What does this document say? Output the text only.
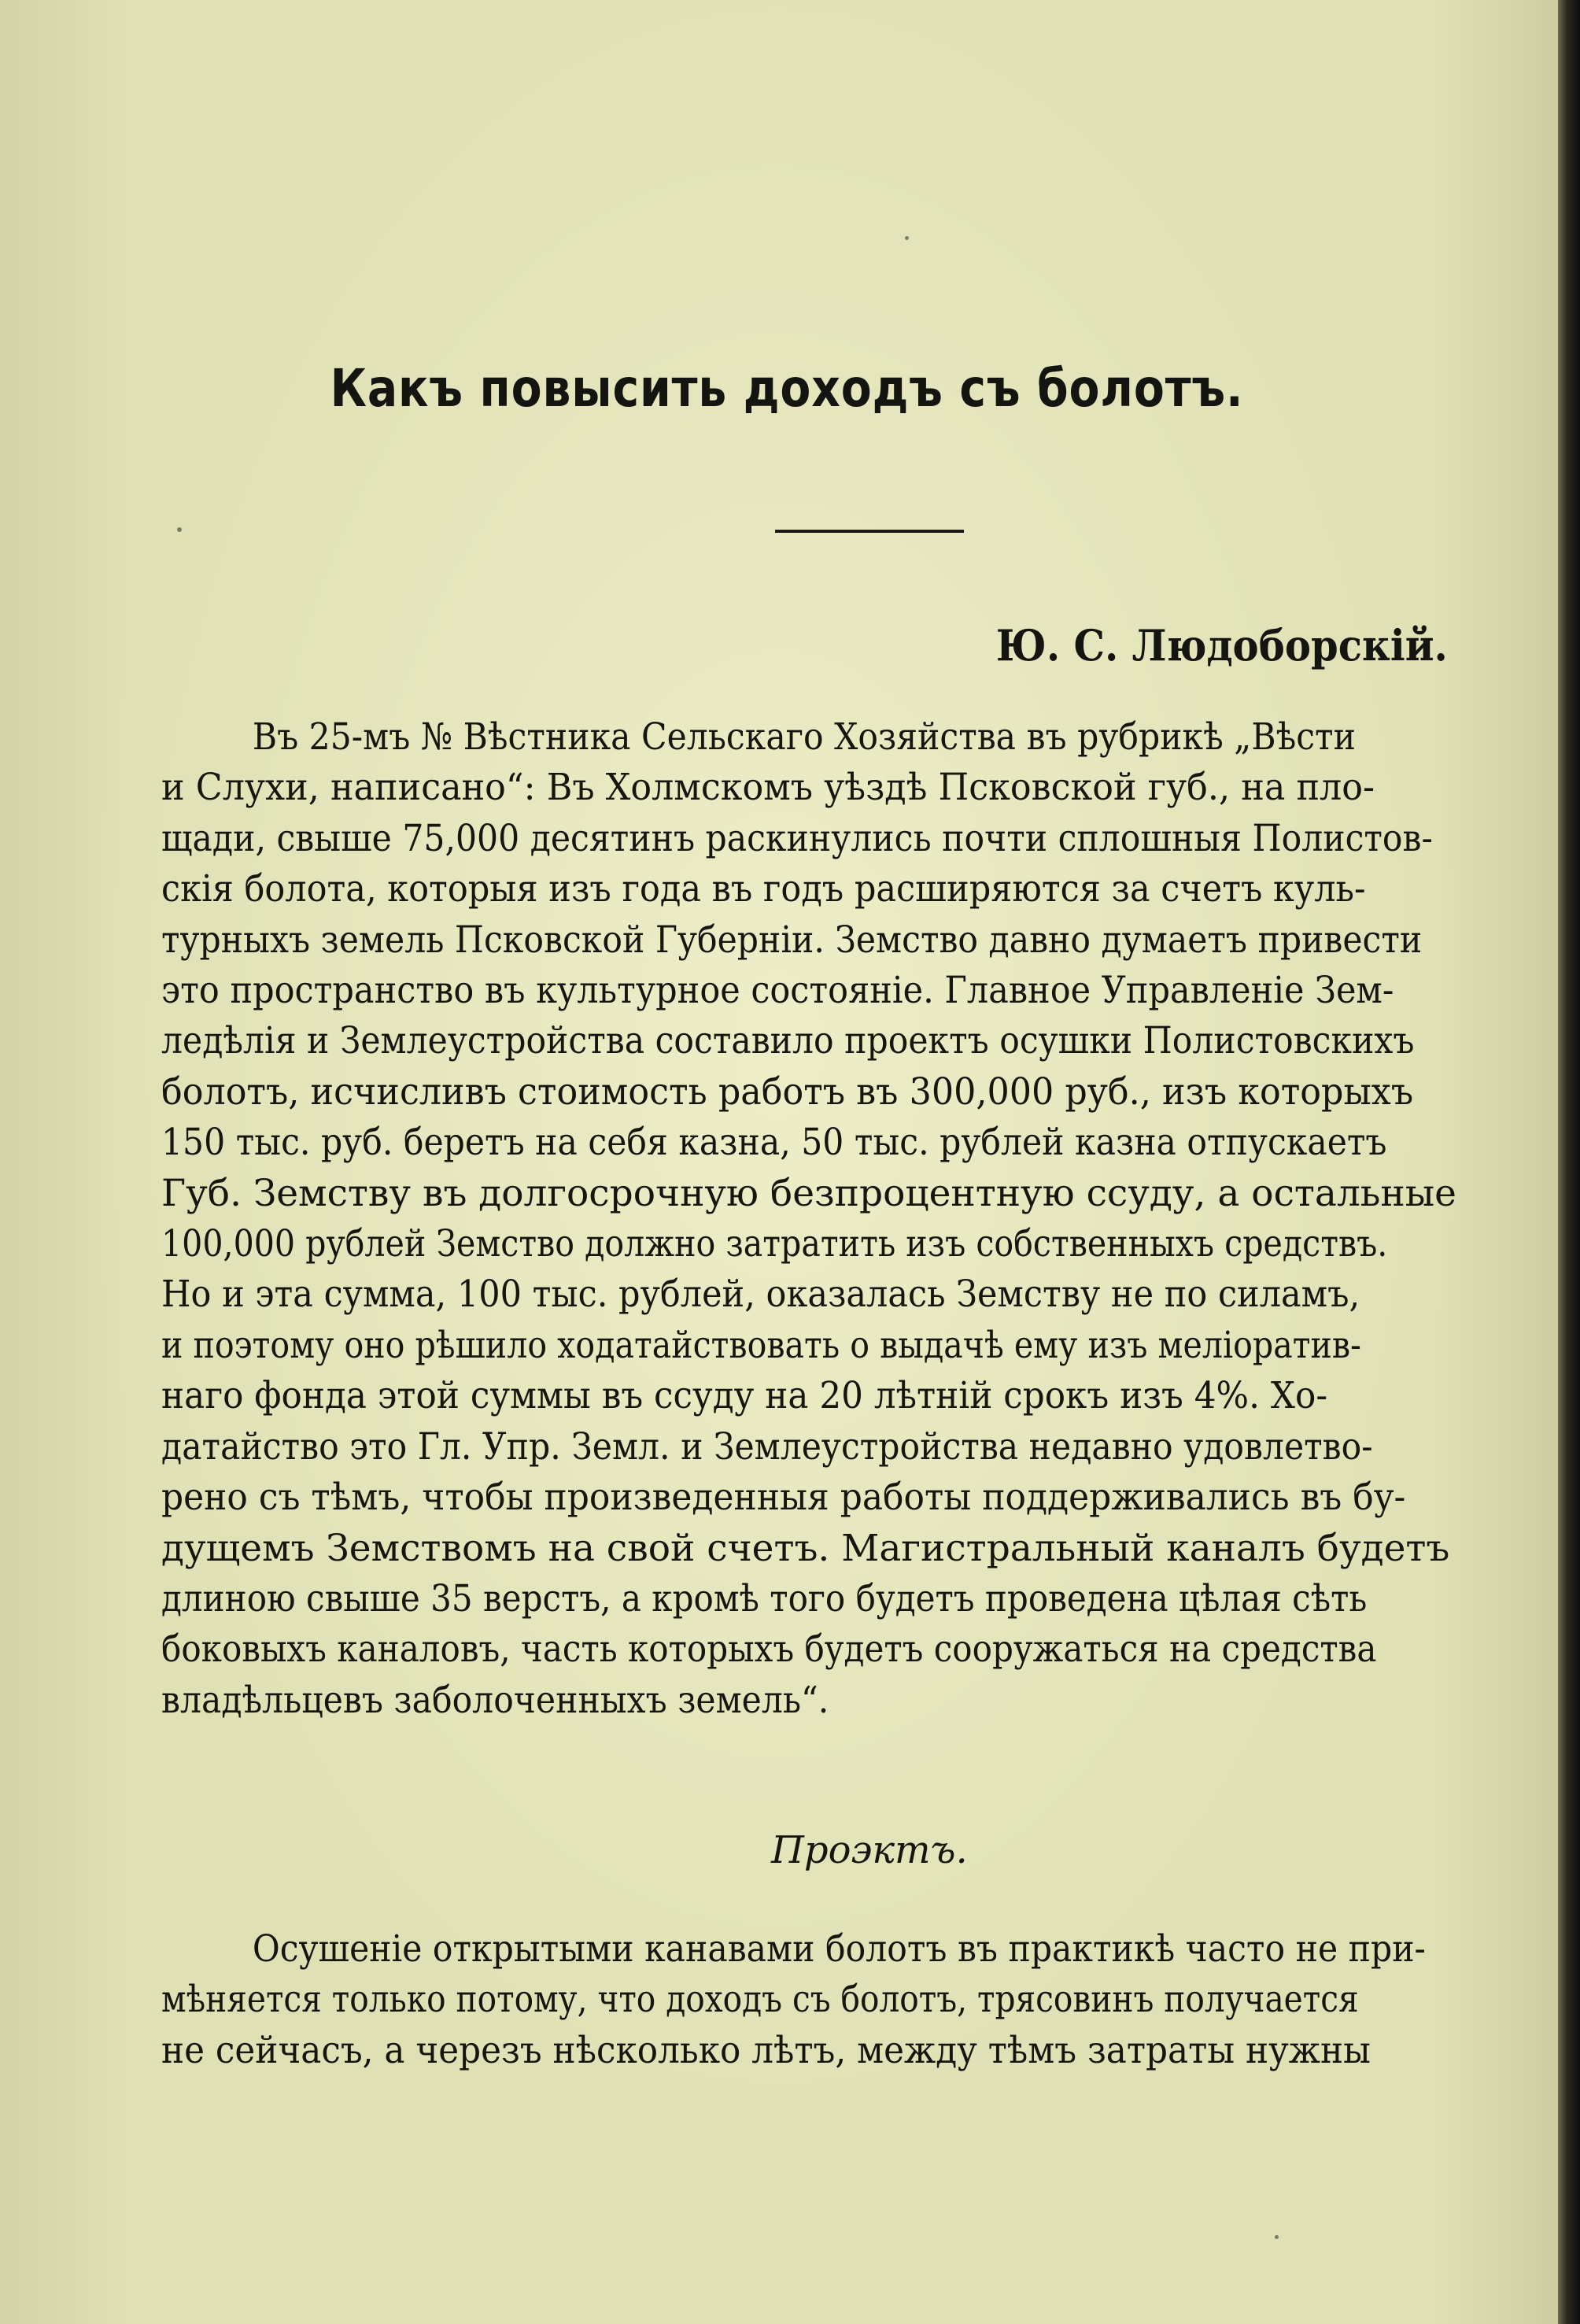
Какъ повысить доходъ съ болотъ.
Ю. С. Людоборскій.
Въ 25-мъ № Вѣстника Сельскаго Хозяйства въ рубрикѣ „Вѣсти
и Слухи, написано“: Въ Холмскомъ уѣздѣ Псковской губ., на пло-
щади, свыше 75,000 десятинъ раскинулись почти сплошныя Полистов-
скія болота, которыя изъ года въ годъ расширяются за счетъ куль-
турныхъ земель Псковской Губерніи. Земство давно думаетъ привести
это пространство въ культурное состояніе. Главное Управленіе Зем-
ледѣлія и Землеустройства составило проектъ осушки Полистовскихъ
болотъ, исчисливъ стоимость работъ въ 300,000 руб., изъ которыхъ
150 тыс. руб. беретъ на себя казна, 50 тыс. рублей казна отпускаетъ
Губ. Земству въ долгосрочную безпроцентную ссуду, а остальные
100,000 рублей Земство должно затратить изъ собственныхъ средствъ.
Но и эта сумма, 100 тыс. рублей, оказалась Земству не по силамъ,
и поэтому оно рѣшило ходатайствовать о выдачѣ ему изъ мелioратив-
наго фонда этой суммы въ ссуду на 20 лѣтній срокъ изъ 4%. Хо-
датайство это Гл. Упр. Земл. и Землеустройства недавно удовлетво-
рено съ тѣмъ, чтобы произведенныя работы поддерживались въ бу-
дущемъ Земствомъ на свой счетъ. Магистральный каналъ будетъ
длиною свыше 35 верстъ, а кромѣ того будетъ проведена цѣлая сѣть
боковыхъ каналовъ, часть которыхъ будетъ сооружаться на средства
владѣльцевъ заболоченныхъ земель“.
Проэктъ.
Осушеніе открытыми канавами болотъ въ практикѣ часто не при-
мѣняется только потому, что доходъ съ болотъ, трясовинъ получается
не сейчасъ, а черезъ нѣсколько лѣтъ, между тѣмъ затраты нужны
